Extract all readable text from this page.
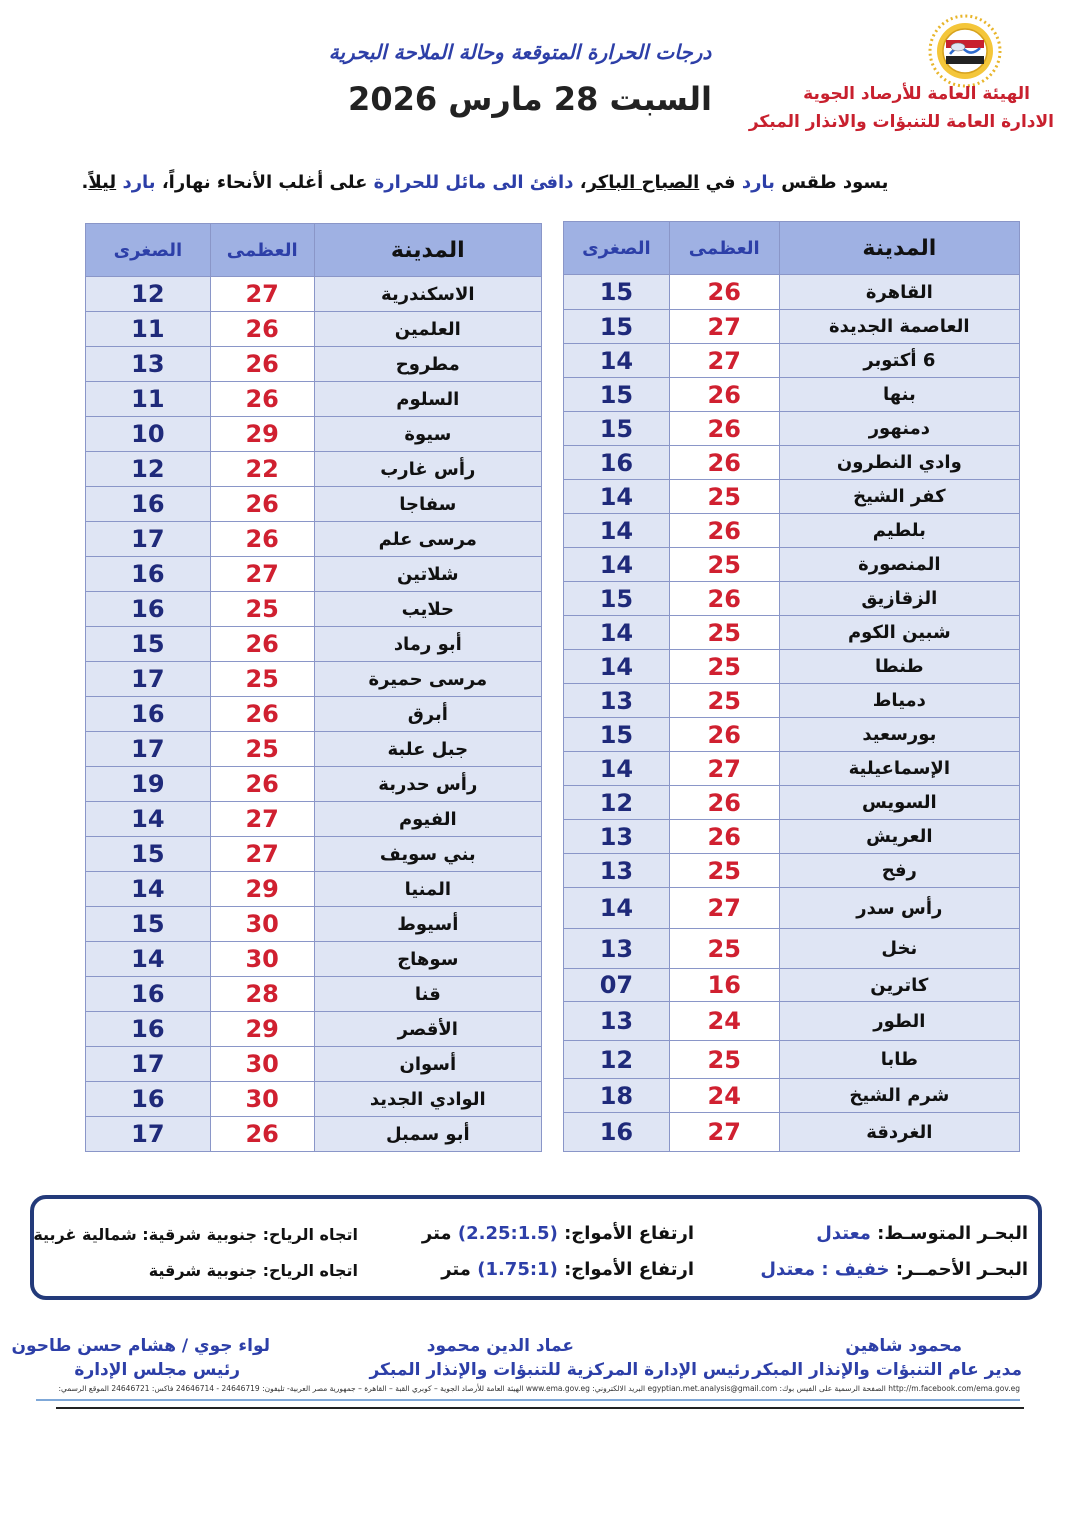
الهيئة العامة للأرصاد الجوية
الادارة العامة للتنبؤات والانذار المبكر
درجات الحرارة المتوقعة وحالة الملاحة البحرية
السبت 28 مارس 2026
يسود طقس بارد في الصباح الباكر، دافئ الى مائل للحرارة على أغلب الأنحاء نهاراً، بارد ليلاً.
المدينة	العظمى	الصغرى
القاهرة	26	15
العاصمة الجديدة	27	15
6 أكتوبر	27	14
بنها	26	15
دمنهور	26	15
وادي النطرون	26	16
كفر الشيخ	25	14
بلطيم	26	14
المنصورة	25	14
الزقازيق	26	15
شبين الكوم	25	14
طنطا	25	14
دمياط	25	13
بورسعيد	26	15
الإسماعيلية	27	14
السويس	26	12
العريش	26	13
رفح	25	13
رأس سدر	27	14
نخل	25	13
كاترين	16	07
الطور	24	13
طابا	25	12
شرم الشيخ	24	18
الغردقة	27	16
المدينة	العظمى	الصغرى
الاسكندرية	27	12
العلمين	26	11
مطروح	26	13
السلوم	26	11
سيوة	29	10
رأس غارب	22	12
سفاجا	26	16
مرسى علم	26	17
شلاتين	27	16
حلايب	25	16
أبو رماد	26	15
مرسى حميرة	25	17
أبرق	26	16
جبل علبة	25	17
رأس حدربة	26	19
الفيوم	27	14
بني سويف	27	15
المنيا	29	14
أسيوط	30	15
سوهاج	30	14
قنا	28	16
الأقصر	29	16
أسوان	30	17
الوادي الجديد	30	16
أبو سمبل	26	17
البحـر المتوسـط: معتدل
ارتفاع الأمواج: (2.25:1.5) متر
اتجاه الرياح: جنوبية شرقية: شمالية غربية
البحـر الأحمــر: خفيف : معتدل
ارتفاع الأمواج: (1.75:1) متر
اتجاه الرياح: جنوبية شرقية
محمود شاهين
مدير عام التنبؤات والإنذار المبكر
عماد الدين محمود
رئيس الإدارة المركزية للتنبؤات والإنذار المبكر
لواء جوي / هشام حسن طاحون
رئيس مجلس الإدارة
http://m.facebook.com/ema.gov.eg الصفحة الرسمية على الفيس بوك: egyptian.met.analysis@gmail.com البريد الالكتروني: www.ema.gov.eg الهيئة العامة للأرصاد الجوية – كوبري القبة – القاهرة – جمهورية مصر العربية- تليفون: 24646719 - 24646714 فاكس: 24646721 الموقع الرسمي:
